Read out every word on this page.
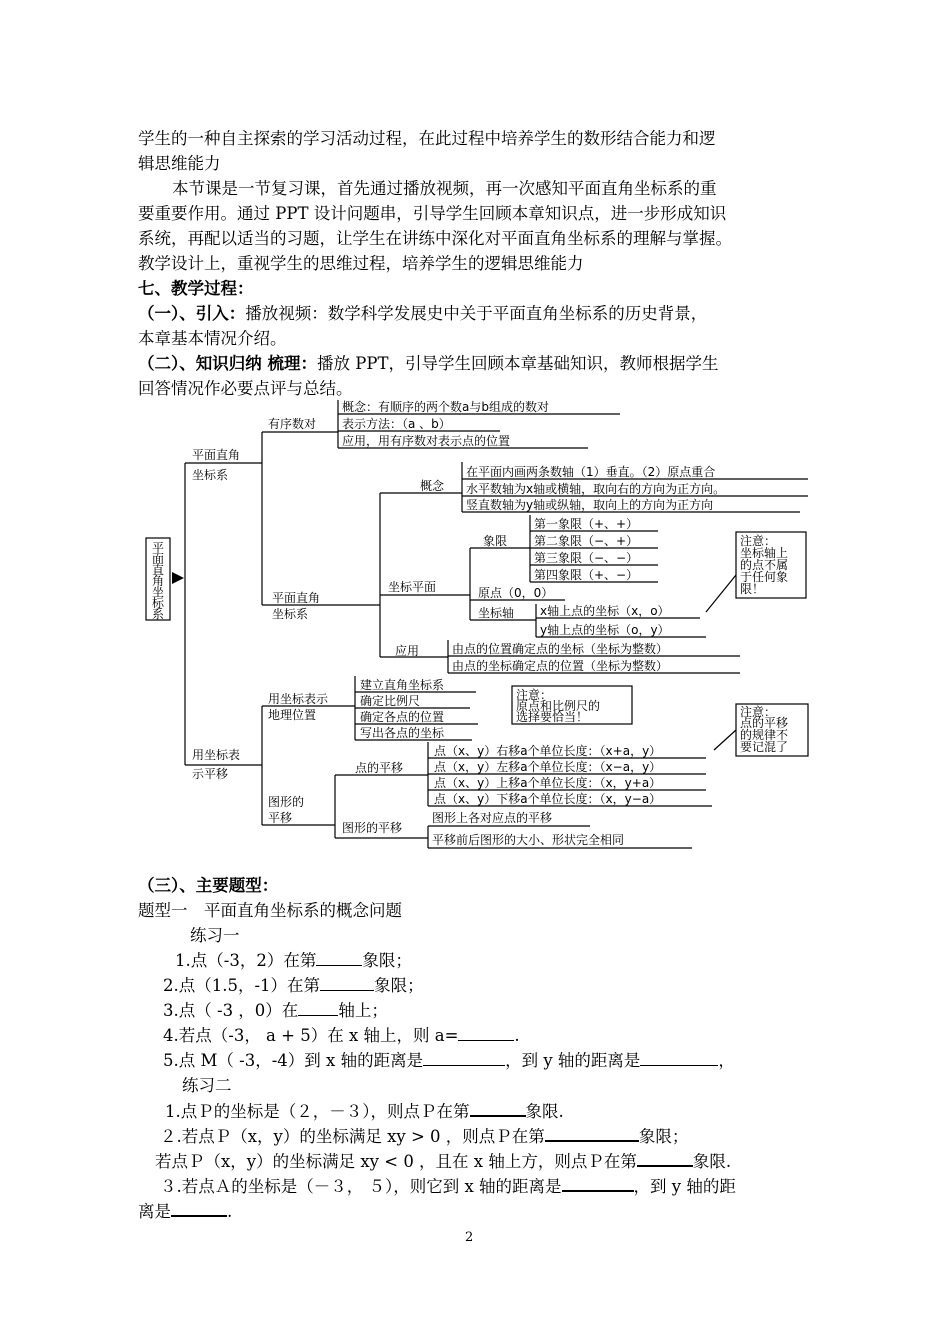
学生的一种自主探索的学习活动过程，在此过程中培养学生的数形结合能力和逻
辑思维能力
本节课是一节复习课，首先通过播放视频，再一次感知平面直角坐标系的重
要重要作用。通过 PPT 设计问题串，引导学生回顾本章知识点，进一步形成知识
系统，再配以适当的习题，让学生在讲练中深化对平面直角坐标系的理解与掌握。
教学设计上，重视学生的思维过程，培养学生的逻辑思维能力
七、教学过程：
（一）、引入：播放视频：数学科学发展史中关于平面直角坐标系的历史背景，
本章基本情况介绍。
（二）、知识归纳 梳理：播放 PPT，引导学生回顾本章基础知识，教师根据学生
回答情况作必要点评与总结。
平
面
直
角
坐
标
系
平面直角
坐标系
有序数对
概念：有顺序的两个数a与b组成的数对
表示方法：（a 、b）
应用，用有序数对表示点的位置
平面直角
坐标系
概念
在平面内画两条数轴（1）垂直。（2）原点重合
水平数轴为x轴或横轴，取向右的方向为正方向。
竖直数轴为y轴或纵轴，取向上的方向为正方向
坐标平面
象限
第一象限（+、+）
第二象限（−、+）
第三象限（−、−）
第四象限（+、−）
原点（0，0）
坐标轴 x轴上点的坐标（x，o）
y轴上点的坐标（o，y）
注意：
坐标轴上
的点不属
于任何象
限！
应用	由点的位置确定点的坐标（坐标为整数）
由点的坐标确定点的位置（坐标为整数）
用坐标表
示平移
用坐标表示
地理位置
建立直角坐标系
确定比例尺
确定各点的位置
写出各点的坐标
注意：
原点和比例尺的
选择要恰当！
图形的
平移
点的平移
点（x、y）右移a个单位长度：（x+a，y）
点（x，y）左移a个单位长度：（x−a，y）
点（x、y）上移a个单位长度：（x，y+a）
点（x、y）下移a个单位长度：（x，y−a）
注意：
点的平移
的规律不
要记混了
图形的平移
图形上各对应点的平移
平移前后图形的大小、形状完全相同
（三）、主要题型：
题型一　平面直角坐标系的概念问题
练习一
1.点（-3，2）在第	象限；
2.点（1.5，-1）在第	象限；
3.点（ -3 ，0）在 轴上；
4.若点（-3， a + 5）在 x 轴上，则 a=	.
5.点 M（ -3，-4）到 x 轴的距离是	，到 y 轴的距离是	，
练习二
1.点Ｐ的坐标是（２，－３），则点Ｐ在第	象限.
２.若点Ｐ（x，y）的坐标满足 xy > 0 ，则点Ｐ在第	象限；
若点Ｐ（x，y）的坐标满足 xy < 0 ，且在 x 轴上方，则点Ｐ在第	象限.
３.若点Ａ的坐标是（－３， ５），则它到 x 轴的距离是	，到 y 轴的距
离是	.
2
